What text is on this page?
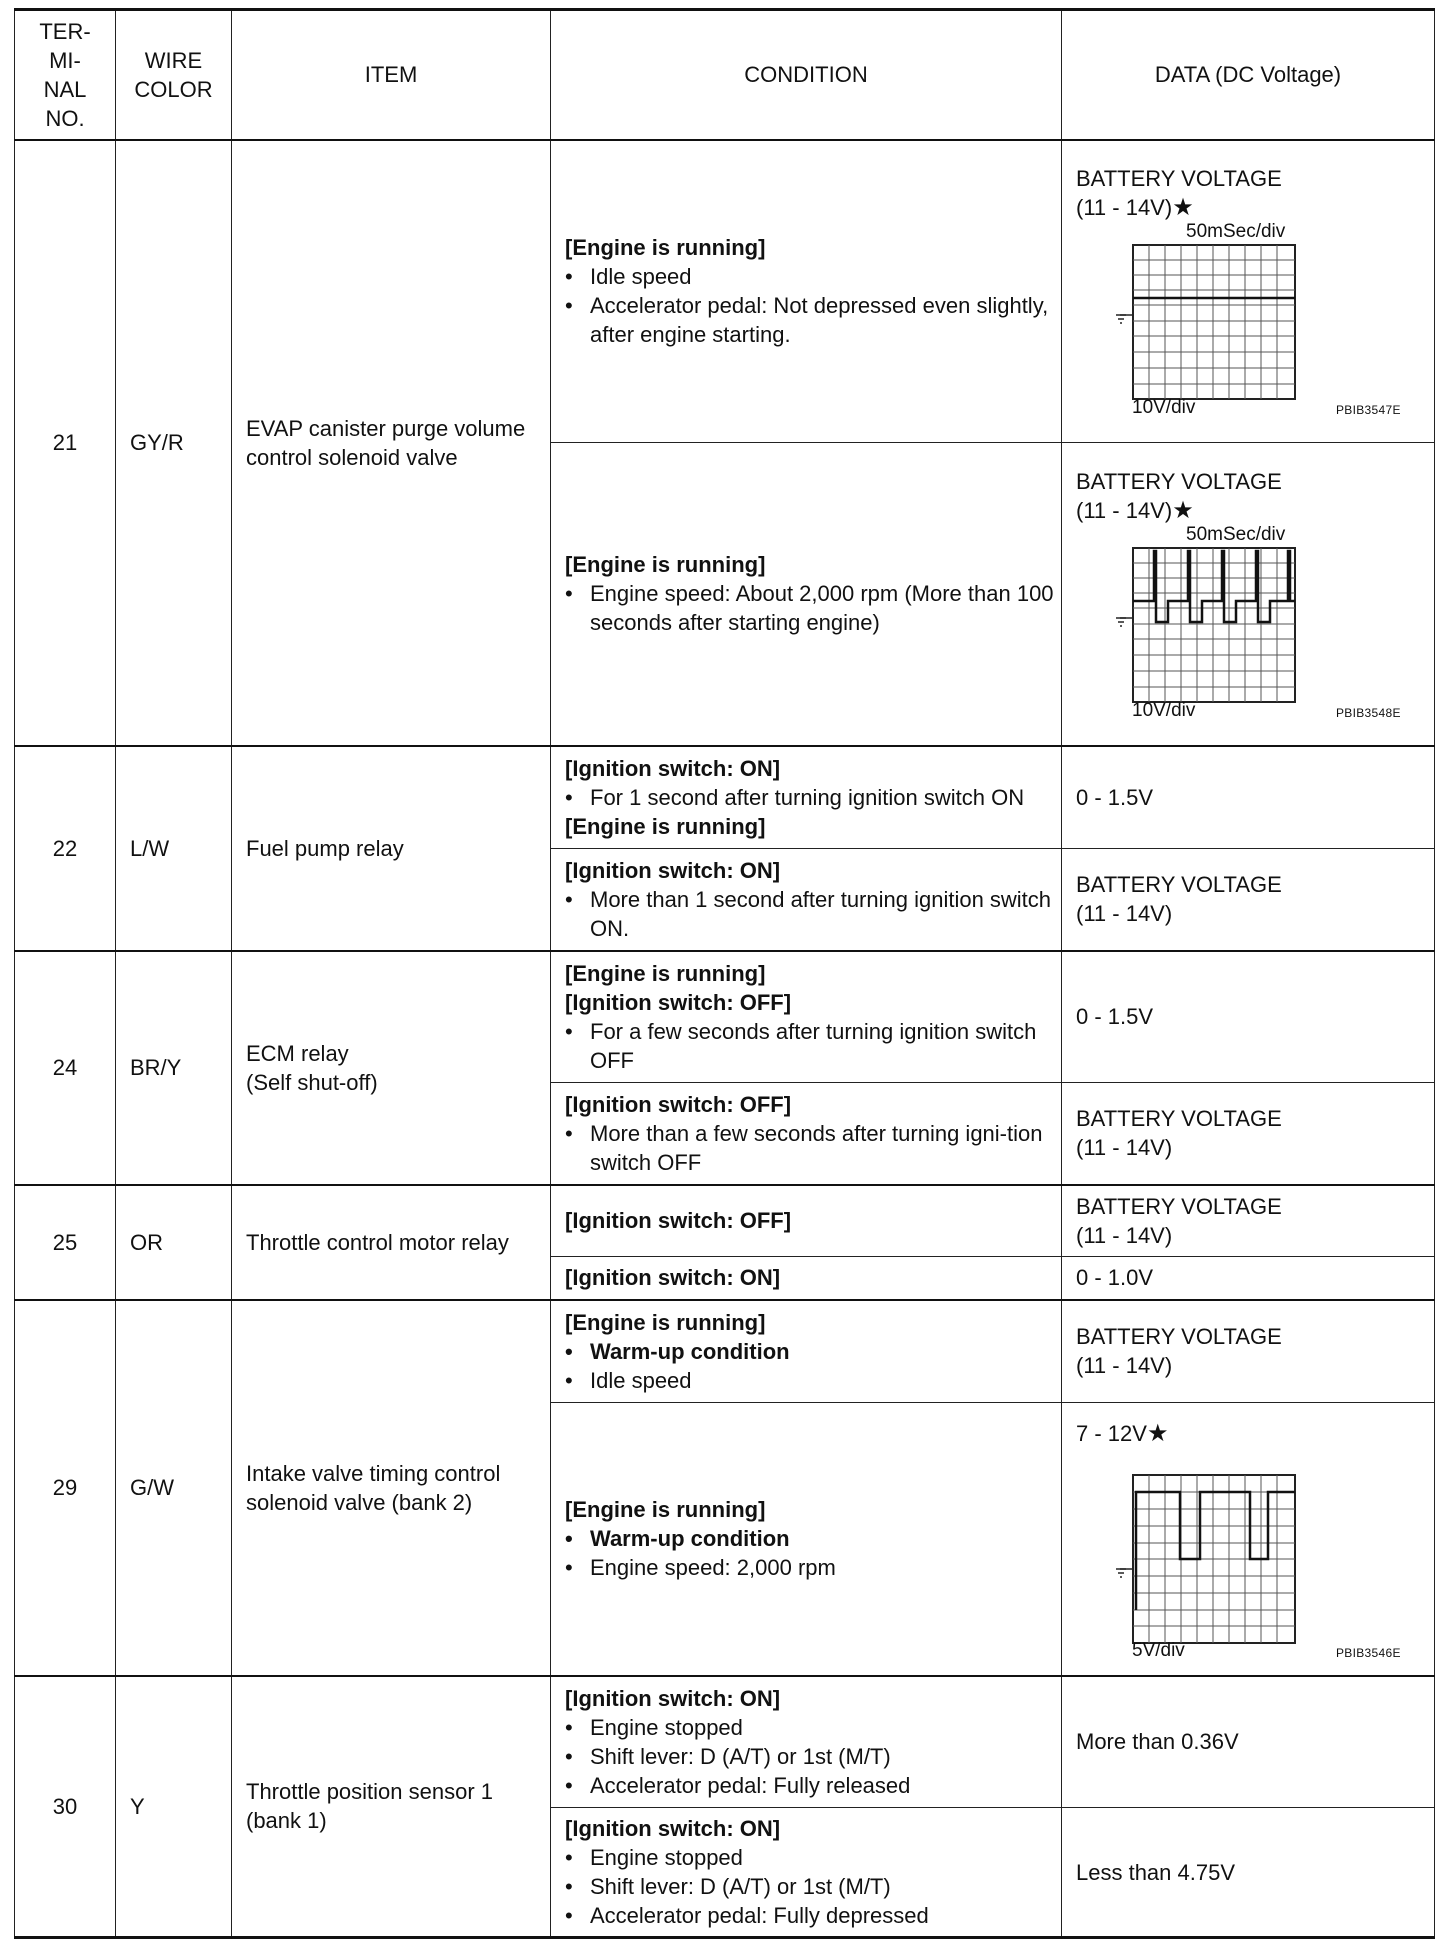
TER-
MI-
NAL
NO.	WIRE
COLOR	ITEM	CONDITION	DATA (DC Voltage)
21	GY/R	EVAP canister purge volume control solenoid valve	[Engine is running]
• Idle speed
• Accelerator pedal: Not depressed even slightly, after engine starting.	BATTERY VOLTAGE
(11 - 14V)★
50mSec/div
10V/div PBIB3547E

			[Engine is running]
• Engine speed: About 2,000 rpm (More than 100 seconds after starting engine)	BATTERY VOLTAGE
(11 - 14V)★
50mSec/div
10V/div PBIB3548E

22	L/W	Fuel pump relay	[Ignition switch: ON]
• For 1 second after turning ignition switch ON
[Engine is running]	0 - 1.5V

			[Ignition switch: ON]
• More than 1 second after turning ignition switch ON.	BATTERY VOLTAGE
(11 - 14V)

24	BR/Y	ECM relay
(Self shut-off)	[Engine is running]
[Ignition switch: OFF]
• For a few seconds after turning ignition switch OFF	0 - 1.5V

			[Ignition switch: OFF]
• More than a few seconds after turning igni-tion switch OFF	BATTERY VOLTAGE
(11 - 14V)

25	OR	Throttle control motor relay	[Ignition switch: OFF]	BATTERY VOLTAGE
(11 - 14V)

			[Ignition switch: ON]	0 - 1.0V
29	G/W	Intake valve timing control solenoid valve (bank 2)	[Engine is running]
• Warm-up condition
• Idle speed	BATTERY VOLTAGE
(11 - 14V)

			[Engine is running]
• Warm-up condition
• Engine speed: 2,000 rpm	7 - 12V★
5V/div PBIB3546E

30	Y	Throttle position sensor 1 (bank 1)	[Ignition switch: ON]
• Engine stopped
• Shift lever: D (A/T) or 1st (M/T)
• Accelerator pedal: Fully released	More than 0.36V

			[Ignition switch: ON]
• Engine stopped
• Shift lever: D (A/T) or 1st (M/T)
• Accelerator pedal: Fully depressed	Less than 4.75V
